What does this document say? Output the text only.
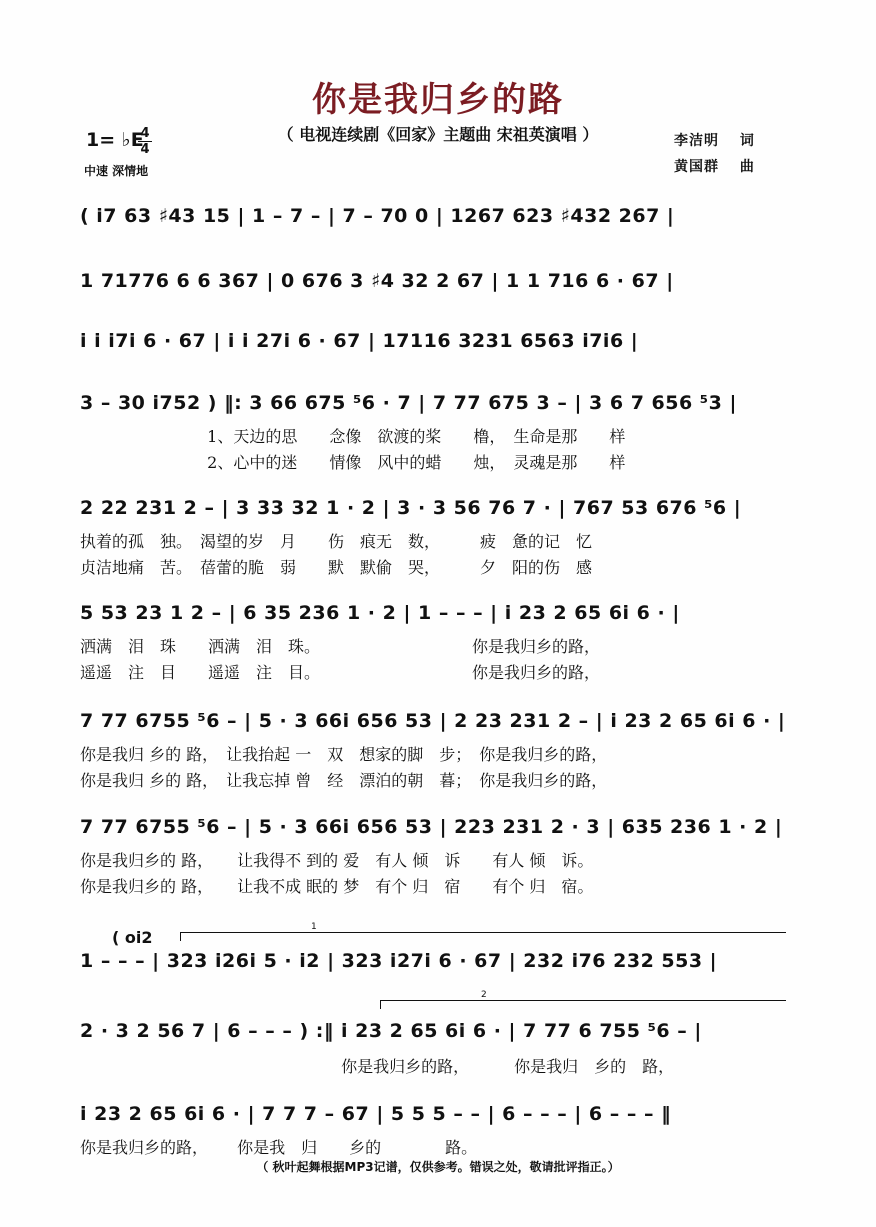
你是我归乡的路
（ 电视连续剧《回家》主题曲 宋祖英演唱 ）
1= ♭E
4
4
中速 深情地
李洁明　 词
黄国群　 曲
( i7 63 ♯43 15 | 1 – 7 – | 7 – 70 0 | 1267 623 ♯432 267 |
1 71776 6 6 367 | 0 676 3 ♯4 32 2 67 | 1 1 716 6 · 67 |
i i i7i 6 · 67 | i i 27i 6 · 67 | 17116 3231 6563 i7i6 |
3 – 30 i752 ) ‖: 3 66 675 ⁵6 · 7 | 7 77 675 3 – | 3 6 7 656 ⁵3 |
1、天边的思　　念像　欲渡的桨　　橹，　生命是那　　样
2、心中的迷　　情像　风中的蜡　　烛，　灵魂是那　　样
2 22 231 2 – | 3 33 32 1 · 2 | 3 · 3 56 76 7 · | 767 53 676 ⁵6 |
执着的孤　独。　渴望的岁　月　　伤　痕无　数，　　　疲　惫的记　忆
贞洁地痛　苦。　蓓蕾的脆　弱　　默　默偷　哭，　　　夕　阳的伤　感
5 53 23 1 2 – | 6 35 236 1 · 2 | 1 – – – | i 23 2 65 6i 6 · |
洒满　泪　珠　　洒满　泪　珠。　　　　　　　　　　你是我归乡的路，
遥遥　注　目　　遥遥　注　目。　　　　　　　　　　你是我归乡的路，
7 77 6755 ⁵6 – | 5 · 3 66i 656 53 | 2 23 231 2 – | i 23 2 65 6i 6 · |
你是我归 乡的 路，　让我抬起 一　双　想家的脚　步；　你是我归乡的路，
你是我归 乡的 路，　让我忘掉 曾　经　漂泊的朝　暮；　你是我归乡的路，
7 77 6755 ⁵6 – | 5 · 3 66i 656 53 | 223 231 2 · 3 | 635 236 1 · 2 |
你是我归乡的 路，　　让我得不 到的 爱　有人 倾　诉　　有人 倾　诉。
你是我归乡的 路，　　让我不成 眠的 梦　有个 归　宿　　有个 归　宿。
( oi2
1
1 – – – | 323 i26i 5 · i2 | 323 i27i 6 · 67 | 232 i76 232 553 |
2
2 · 3 2 56 7 | 6 – – – ) :‖ i 23 2 65 6i 6 · | 7 77 6 755 ⁵6 – |
　　　　　　　　　　　　　　　　 你是我归乡的路，　　　 你是我归　乡的　路，
i 23 2 65 6i 6 · | 7 7 7 – 67 | 5 5 5 – – | 6 – – – | 6 – – – ‖
你是我归乡的路，　　 你是我　归　　乡的　　　　路。
（ 秋叶起舞根据MP3记谱，仅供参考。错误之处，敬请批评指正。）
